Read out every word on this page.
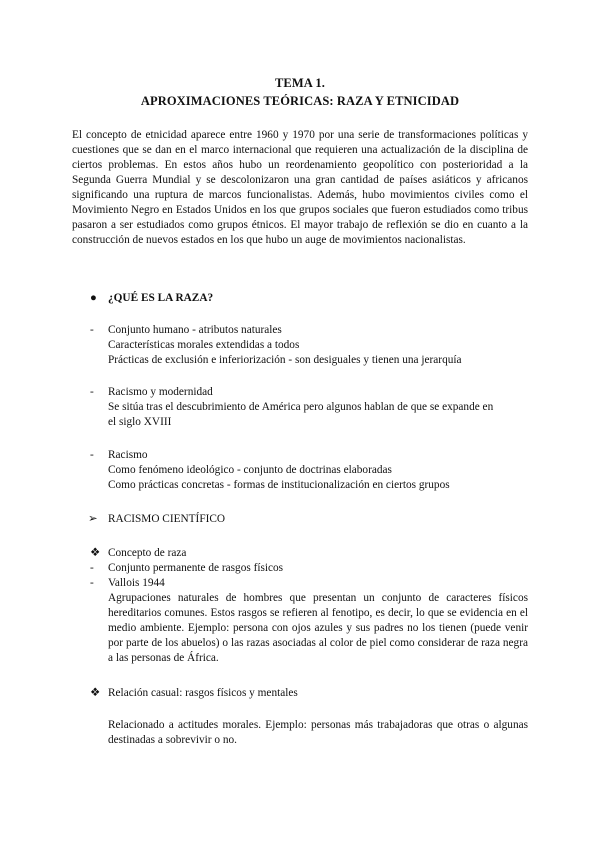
TEMA 1.
APROXIMACIONES TEÓRICAS: RAZA Y ETNICIDAD

El concepto de etnicidad aparece entre 1960 y 1970 por una serie de transformaciones políticas y cuestiones que se dan en el marco internacional que requieren una actualización de la disciplina de ciertos problemas. En estos años hubo un reordenamiento geopolítico con posterioridad a la Segunda Guerra Mundial y se descolonizaron una gran cantidad de países asiáticos y africanos significando una ruptura de marcos funcionalistas. Además, hubo movimientos civiles como el Movimiento Negro en Estados Unidos en los que grupos sociales que fueron estudiados como tribus pasaron a ser estudiados como grupos étnicos. El mayor trabajo de reflexión se dio en cuanto a la construcción de nuevos estados en los que hubo un auge de movimientos nacionalistas.

● ¿QUÉ ES LA RAZA?
- Conjunto humano - atributos naturales
Características morales extendidas a todos
Prácticas de exclusión e inferiorización - son desiguales y tienen una jerarquía
- Racismo y modernidad
Se sitúa tras el descubrimiento de América pero algunos hablan de que se expande en
el siglo XVIII
- Racismo
Como fenómeno ideológico - conjunto de doctrinas elaboradas
Como prácticas concretas - formas de institucionalización en ciertos grupos
➢ RACISMO CIENTÍFICO
❖ Concepto de raza
- Conjunto permanente de rasgos físicos
- Vallois 1944

Agrupaciones naturales de hombres que presentan un conjunto de caracteres físicos hereditarios comunes. Estos rasgos se refieren al fenotipo, es decir, lo que se evidencia en el medio ambiente. Ejemplo: persona con ojos azules y sus padres no los tienen (puede venir por parte de los abuelos) o las razas asociadas al color de piel como considerar de raza negra a las personas de África.

❖ Relación casual: rasgos físicos y mentales

Relacionado a actitudes morales. Ejemplo: personas más trabajadoras que otras o algunas destinadas a sobrevivir o no.
